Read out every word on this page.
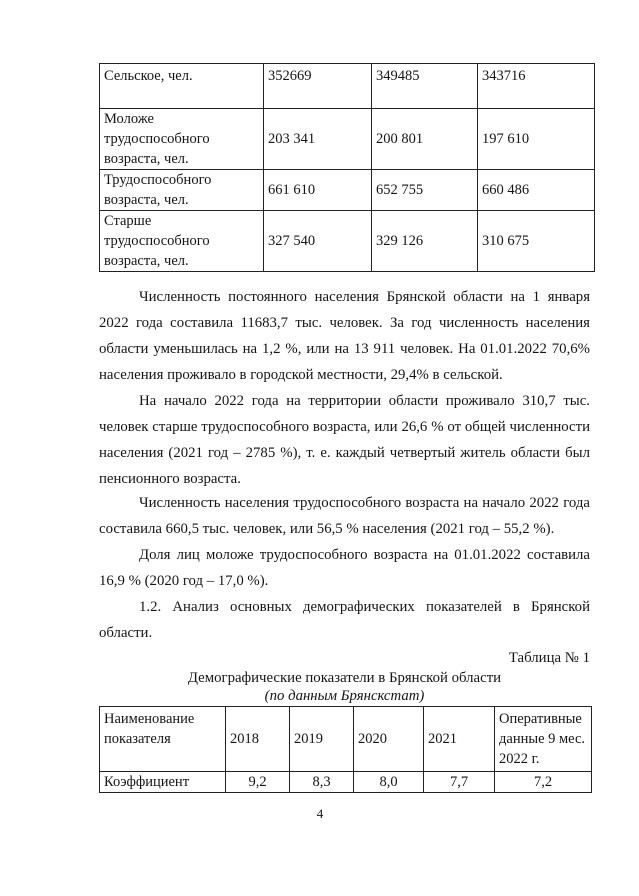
Сельское, чел.	352669	349485	343716
Моложе трудоспособного возраста, чел.	203 341	200 801	197 610
Трудоспособного возраста, чел.	661 610	652 755	660 486
Старше трудоспособного возраста, чел.	327 540	329 126	310 675
Численность постоянного населения Брянской области на 1 января 2022 года составила 11683,7 тыс. человек. За год численность населения области уменьшилась на 1,2 %, или на 13 911 человек. На 01.01.2022 70,6% населения проживало в городской местности, 29,4% в сельской.
На начало 2022 года на территории области проживало 310,7 тыс. человек старше трудоспособного возраста, или 26,6 % от общей численности населения (2021 год – 2785 %), т. е. каждый четвертый житель области был пенсионного возраста.
Численность населения трудоспособного возраста на начало 2022 года составила 660,5 тыс. человек, или 56,5 % населения (2021 год – 55,2 %).
Доля лиц моложе трудоспособного возраста на 01.01.2022 составила 16,9 % (2020 год – 17,0 %).
1.2. Анализ основных демографических показателей в Брянской области.
Таблица № 1
Демографические показатели в Брянской области
(по данным Брянскстат)
Наименование показателя	2018	2019	2020	2021	Оперативные данные 9 мес. 2022 г.
Коэффициент	9,2	8,3	8,0	7,7	7,2
4
